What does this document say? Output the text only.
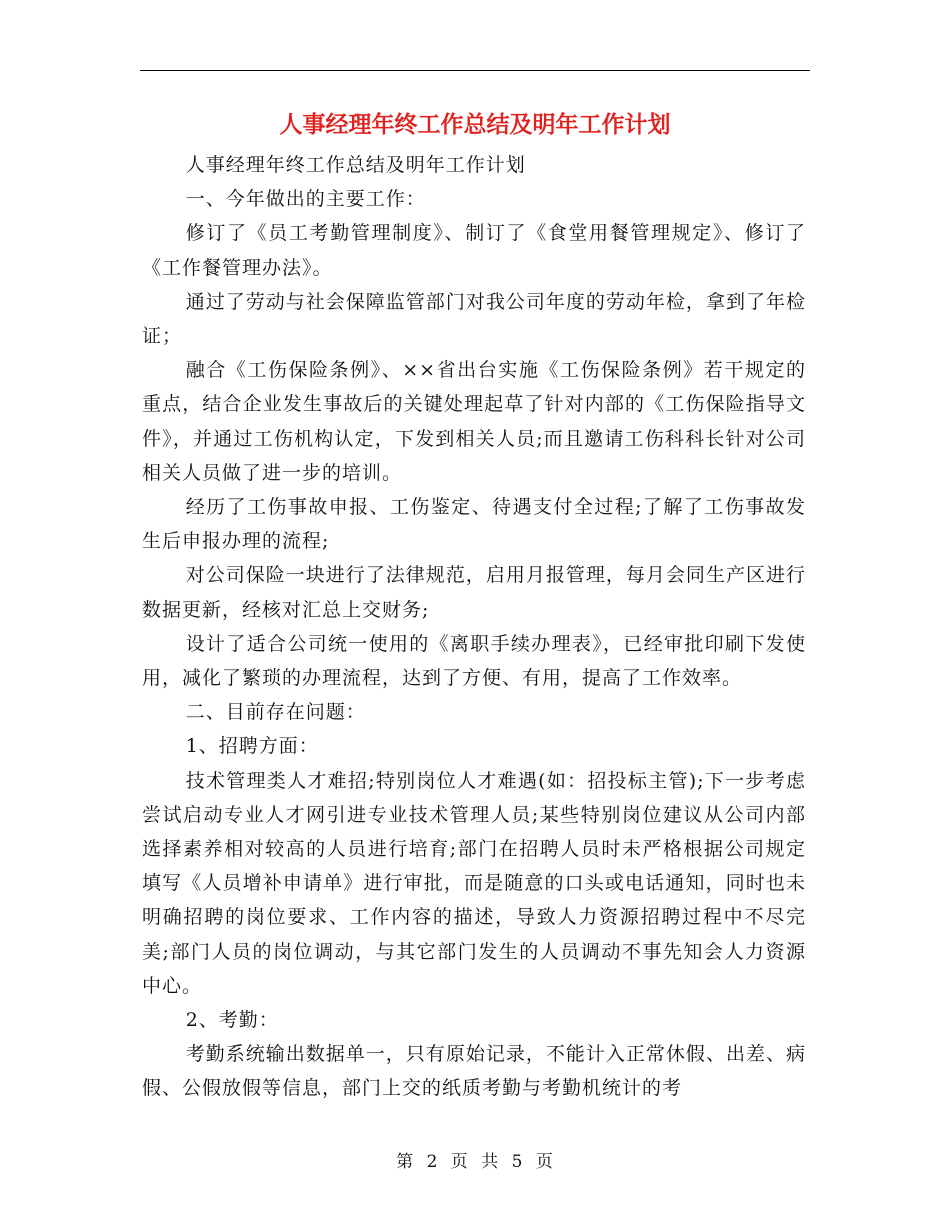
人事经理年终工作总结及明年工作计划

人事经理年终工作总结及明年工作计划

一、今年做出的主要工作：

修订了《员工考勤管理制度》、制订了《食堂用餐管理规定》、修订了《工作餐管理办法》。

通过了劳动与社会保障监管部门对我公司年度的劳动年检，拿到了年检证；

融合《工伤保险条例》、××省出台实施《工伤保险条例》若干规定的重点，结合企业发生事故后的关键处理起草了针对内部的《工伤保险指导文件》，并通过工伤机构认定，下发到相关人员;而且邀请工伤科科长针对公司相关人员做了进一步的培训。

经历了工伤事故申报、工伤鉴定、待遇支付全过程;了解了工伤事故发生后申报办理的流程;

对公司保险一块进行了法律规范，启用月报管理，每月会同生产区进行数据更新，经核对汇总上交财务;

设计了适合公司统一使用的《离职手续办理表》，已经审批印刷下发使用，减化了繁琐的办理流程，达到了方便、有用，提高了工作效率。

二、目前存在问题：

1、招聘方面：

技术管理类人才难招;特别岗位人才难遇(如：招投标主管);下一步考虑尝试启动专业人才网引进专业技术管理人员;某些特别岗位建议从公司内部选择素养相对较高的人员进行培育;部门在招聘人员时未严格根据公司规定填写《人员增补申请单》进行审批，而是随意的口头或电话通知，同时也未明确招聘的岗位要求、工作内容的描述，导致人力资源招聘过程中不尽完美;部门人员的岗位调动，与其它部门发生的人员调动不事先知会人力资源中心。

2、考勤：

考勤系统输出数据单一，只有原始记录，不能计入正常休假、出差、病假、公假放假等信息，部门上交的纸质考勤与考勤机统计的考

第 2 页 共 5 页
